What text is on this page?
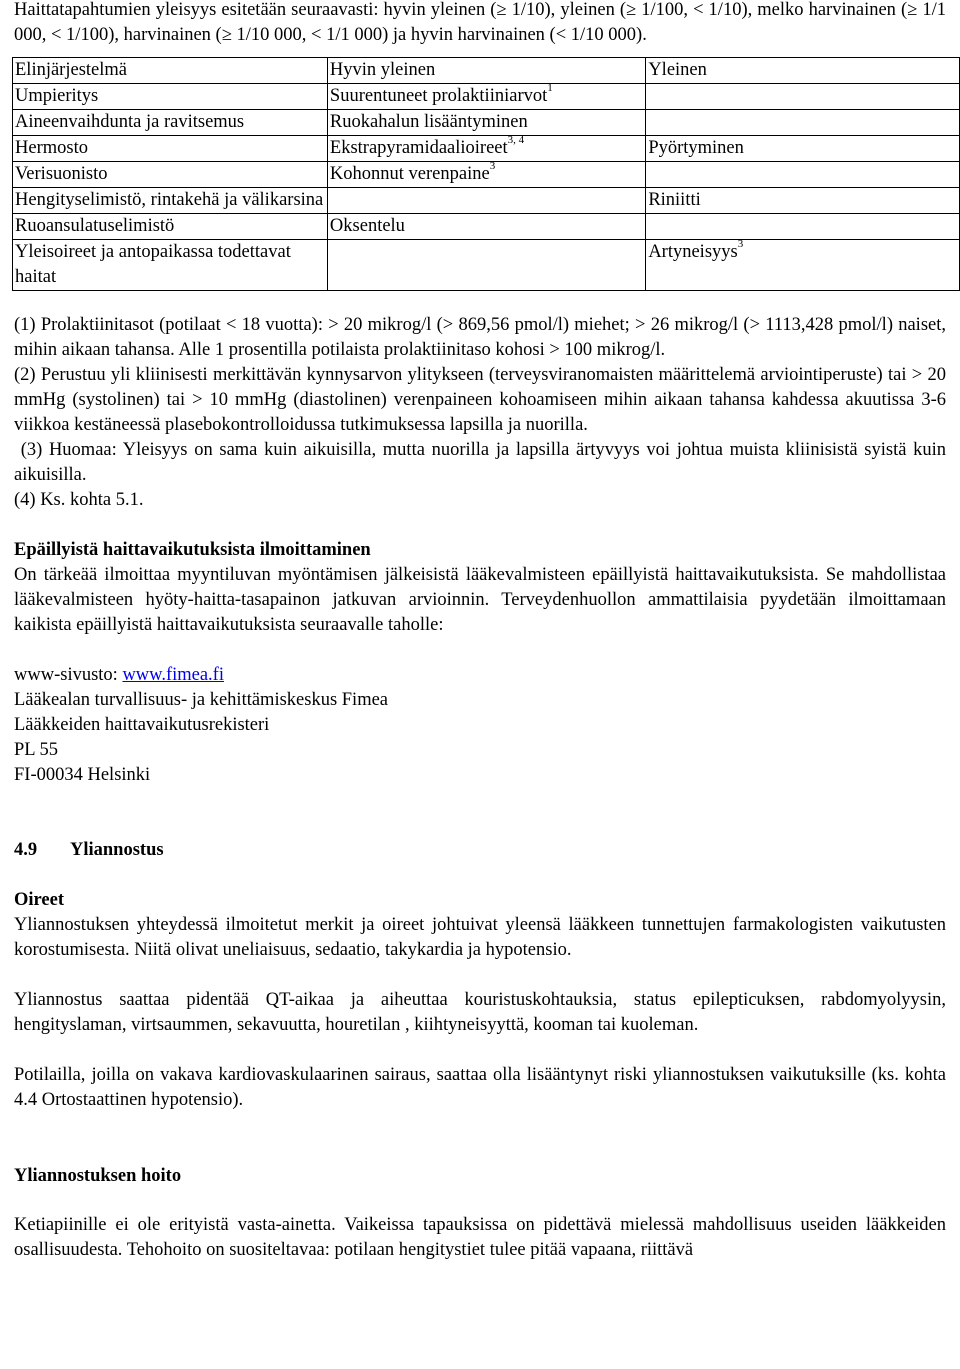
Haittatapahtumien yleisyys esitetään seuraavasti: hyvin yleinen (≥ 1/10), yleinen (≥ 1/100, < 1/10), melko harvinainen (≥ 1/1 000, < 1/100), harvinainen (≥ 1/10 000, < 1/1 000) ja hyvin harvinainen (< 1/10 000).

Elinjärjestelmä	Hyvin yleinen	Yleinen
Umpieritys	Suurentuneet prolaktiiniarvot$^1$	
Aineenvaihdunta ja ravitsemus	Ruokahalun lisääntyminen	
Hermosto	Ekstrapyramidaalioireet$^{3, 4}$	Pyörtyminen
Verisuonisto	Kohonnut verenpaine$^3$	
Hengityselimistö, rintakehä ja välikarsina		Riniitti
Ruoansulatuselimistö	Oksentelu	
Yleisoireet ja antopaikassa todettavat haitat		Artyneisyys$^3$

(1) Prolaktiinitasot (potilaat < 18 vuotta): > 20 mikrog/l (> 869,56 pmol/l) miehet; > 26 mikrog/l (> 1113,428 pmol/l) naiset, mihin aikaan tahansa. Alle 1 prosentilla potilaista prolaktiinitaso kohosi > 100 mikrog/l.

(2) Perustuu yli kliinisesti merkittävän kynnysarvon ylitykseen (terveysviranomaisten määrittelemä arviointiperuste) tai > 20 mmHg (systolinen) tai > 10 mmHg (diastolinen) verenpaineen kohoamiseen mihin aikaan tahansa kahdessa akuutissa 3-6 viikkoa kestäneessä plasebokontrolloidussa tutkimuksessa lapsilla ja nuorilla.

(3) Huomaa: Yleisyys on sama kuin aikuisilla, mutta nuorilla ja lapsilla ärtyvyys voi johtua muista kliinisistä syistä kuin aikuisilla.

(4) Ks. kohta 5.1.

Epäillyistä haittavaikutuksista ilmoittaminen

On tärkeää ilmoittaa myyntiluvan myöntämisen jälkeisistä lääkevalmisteen epäillyistä haittavaikutuksista. Se mahdollistaa lääkevalmisteen hyöty-haitta-tasapainon jatkuvan arvioinnin. Terveydenhuollon ammattilaisia pyydetään ilmoittamaan kaikista epäillyistä haittavaikutuksista seuraavalle taholle:

www-sivusto: www.fimea.fi

Lääkealan turvallisuus- ja kehittämiskeskus Fimea

Lääkkeiden haittavaikutusrekisteri

PL 55

FI-00034 Helsinki

4.9 Yliannostus
Oireet

Yliannostuksen yhteydessä ilmoitetut merkit ja oireet johtuivat yleensä lääkkeen tunnettujen farmakologisten vaikutusten korostumisesta. Niitä olivat uneliaisuus, sedaatio, takykardia ja hypotensio.

Yliannostus saattaa pidentää QT-aikaa ja aiheuttaa kouristuskohtauksia, status epilepticuksen, rabdomyolyysin, hengityslaman, virtsaummen, sekavuutta, houretilan , kiihtyneisyyttä, kooman tai kuoleman.

Potilailla, joilla on vakava kardiovaskulaarinen sairaus, saattaa olla lisääntynyt riski yliannostuksen vaikutuksille (ks. kohta 4.4 Ortostaattinen hypotensio).

Yliannostuksen hoito

Ketiapiinille ei ole erityistä vasta-ainetta. Vaikeissa tapauksissa on pidettävä mielessä mahdollisuus useiden lääkkeiden osallisuudesta. Tehohoito on suositeltavaa: potilaan hengitystiet tulee pitää vapaana, riittävä
